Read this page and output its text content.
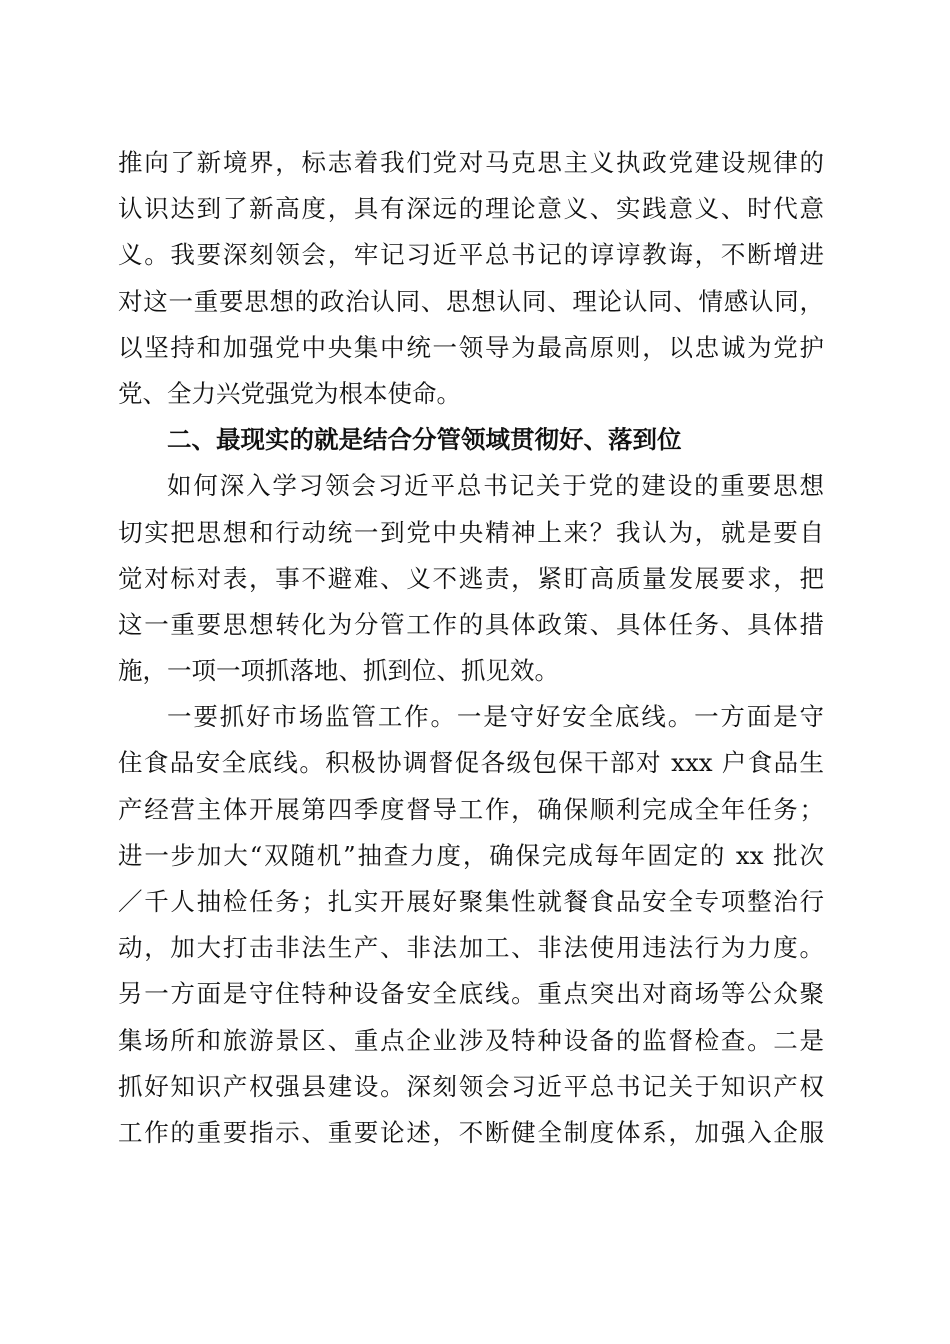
推向了新境界，标志着我们党对马克思主义执政党建设规律的
认识达到了新高度，具有深远的理论意义、实践意义、时代意
义。我要深刻领会，牢记习近平总书记的谆谆教诲，不断增进
对这一重要思想的政治认同、思想认同、理论认同、情感认同，
以坚持和加强党中央集中统一领导为最高原则，以忠诚为党护
党、全力兴党强党为根本使命。
二、最现实的就是结合分管领域贯彻好、落到位
如何深入学习领会习近平总书记关于党的建设的重要思想
切实把思想和行动统一到党中央精神上来？我认为，就是要自
觉对标对表，事不避难、义不逃责，紧盯高质量发展要求，把
这一重要思想转化为分管工作的具体政策、具体任务、具体措
施，一项一项抓落地、抓到位、抓见效。
一要抓好市场监管工作。一是守好安全底线。一方面是守
住食品安全底线。积极协调督促各级包保干部对 xxx 户食品生
产经营主体开展第四季度督导工作，确保顺利完成全年任务；
进一步加大“双随机”抽查力度，确保完成每年固定的 xx 批次
／千人抽检任务；扎实开展好聚集性就餐食品安全专项整治行
动，加大打击非法生产、非法加工、非法使用违法行为力度。
另一方面是守住特种设备安全底线。重点突出对商场等公众聚
集场所和旅游景区、重点企业涉及特种设备的监督检查。二是
抓好知识产权强县建设。深刻领会习近平总书记关于知识产权
工作的重要指示、重要论述，不断健全制度体系，加强入企服
